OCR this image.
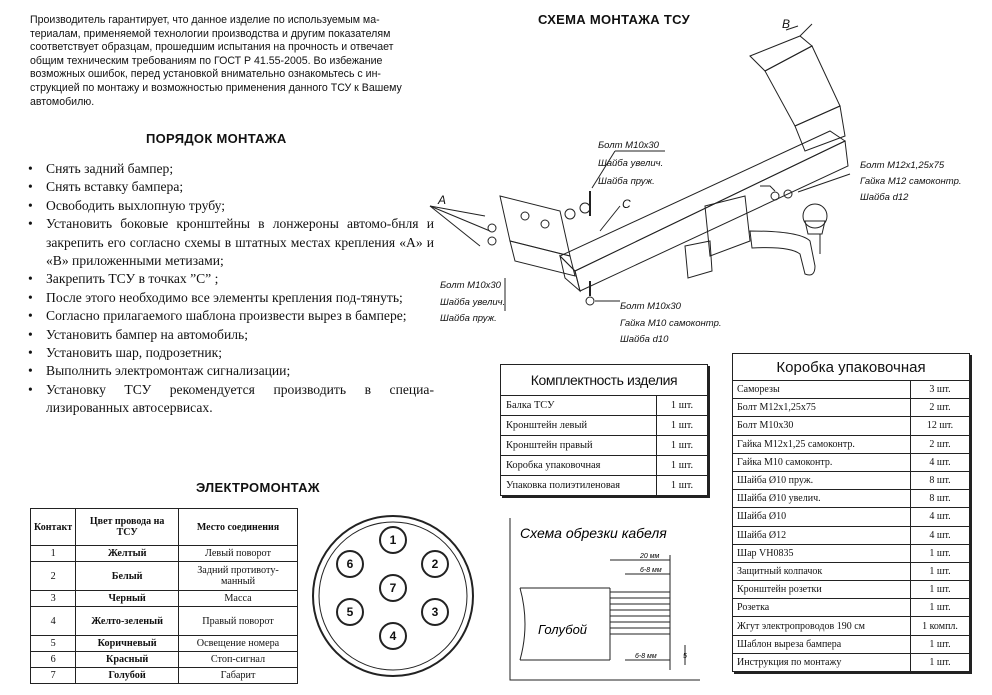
Производитель гарантирует, что данное изделие по используемым ма-
териалам, применяемой технологии производства и другим показателям
соответствует образцам, прошедшим испытания на прочность и отвечает
общим техническим требованиям по ГОСТ Р 41.55-2005. Во избежание
возможных ошибок, перед установкой внимательно ознакомьтесь с ин-
струкцией по монтажу и возможностью применения данного ТСУ к Вашему
автомобилю.
ПОРЯДОК МОНТАЖА
• Снять задний бампер;
• Снять вставку бампера;
• Освободить выхлопную трубу;
• Установить боковые кронштейны в лонжероны автомо-бнля и закрепить его согласно схемы в штатных местах крепления «А» и «В» приложенными метизами;
• Закрепить ТСУ в точках ”С” ;
• После этого необходимо все элементы крепления под-тянуть;
• Согласно прилагаемого шаблона произвести вырез в бампере;
• Установить бампер на автомобиль;
• Установить шар, подрозетник;
• Выполнить электромонтаж сигнализации;
• Установку ТСУ рекомендуется производить в специа-лизированных автосервисах.
СХЕМА МОНТАЖА ТСУ
A
B
C
Болт М10х30
Шайба увелич.
Шайба пруж.
Болт М12х1,25х75
Гайка М12 самоконтр.
Шайба d12
Болт М10х30
Шайба увелич.
Шайба пруж.
Болт М10х30
Гайка М10 самоконтр.
Шайба d10
ЭЛЕКТРОМОНТАЖ
Контакт	Цвет провода на ТСУ	Место соединения
1	Желтый	Левый поворот
2	Белый	Задний противоту-манный
3	Черный	Масса
4	Желто-зеленый	Правый поворот
5	Коричневый	Освещение номера
6	Красный	Стоп-сигнал
7	Голубой	Габарит
1
2
3
4
5
6
7
Комплектность изделия	
Балка ТСУ	1 шт.
Кронштейн левый	1 шт.
Кронштейн правый	1 шт.
Коробка упаковочная	1 шт.
Упаковка полиэтиленовая	1 шт.
Схема обрезки кабеля
20 мм
6-8 мм
6-8 мм	5
Голубой
Коробка упаковочная	
Саморезы	3 шт.
Болт М12х1,25х75	2 шт.
Болт М10х30	12 шт.
Гайка М12х1,25 самоконтр.	2 шт.
Гайка М10 самоконтр.	4 шт.
Шайба Ø10 пруж.	8 шт.
Шайба Ø10 увелич.	8 шт.
Шайба Ø10	4 шт.
Шайба Ø12	4 шт.
Шар VH0835	1 шт.
Защитный колпачок	1 шт.
Кронштейн розетки	1 шт.
Розетка	1 шт.
Жгут электропроводов 190 см	1 компл.
Шаблон выреза бампера	1 шт.
Инструкция по монтажу	1 шт.
